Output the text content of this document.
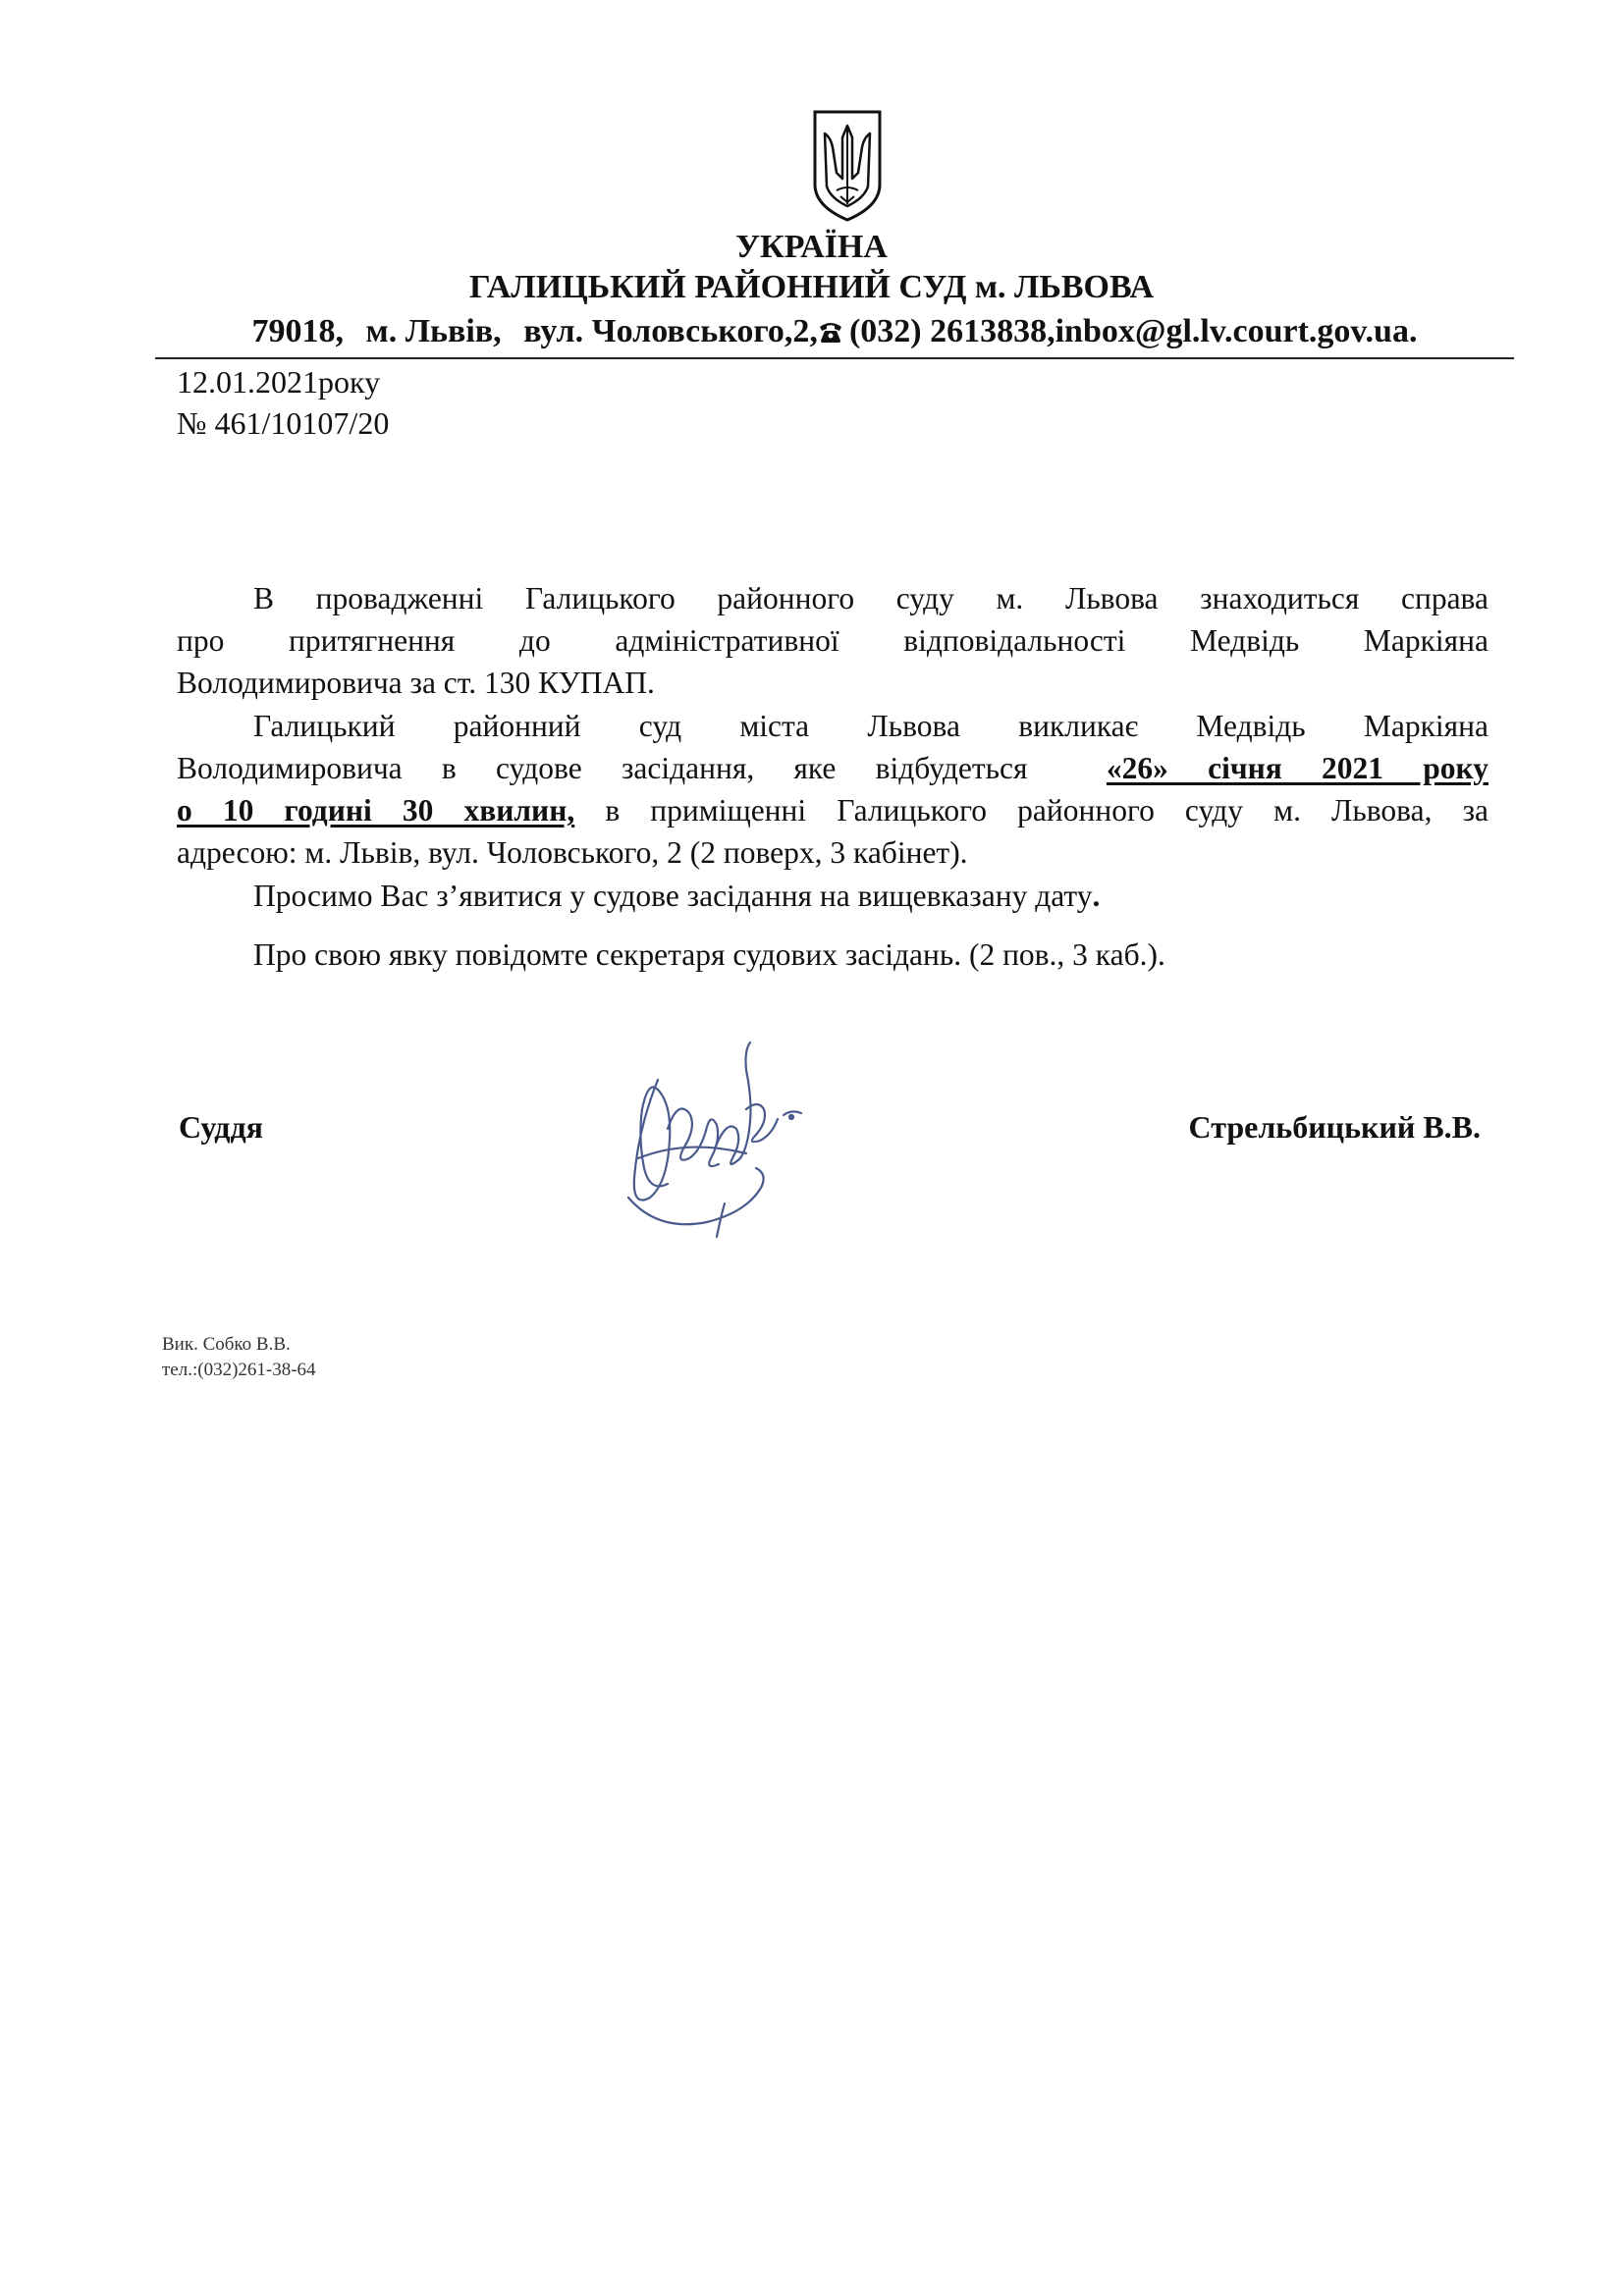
УКРАЇНА
ГАЛИЦЬКИЙ РАЙОННИЙ СУД м. ЛЬВОВА
79018, м. Львів, вул. Чоловського,2, (032) 2613838,inbox@gl.lv.court.gov.ua.
12.01.2021року
№ 461/10107/20
В провадженні Галицького районного суду м. Львова знаходиться справа
про притягнення до адміністративної відповідальності Медвідь Маркіяна
Володимировича за ст. 130 КУПАП.
Галицький районний суд міста Львова викликає Медвідь Маркіяна
Володимировича в судове засідання, яке відбудеться	«26» січня 2021 року
о 10 годині 30 хвилин, в приміщенні Галицького районного суду м. Львова, за
адресою: м. Львів, вул. Чоловського, 2 (2 поверх, 3 кабінет).
Просимо Вас з’явитися у судове засідання на вищевказану дату.
Про свою явку повідомте секретаря судових засідань. (2 пов., 3 каб.).
Суддя	Стрельбицький В.В.
Вик. Собко В.В.
тел.:(032)261-38-64
